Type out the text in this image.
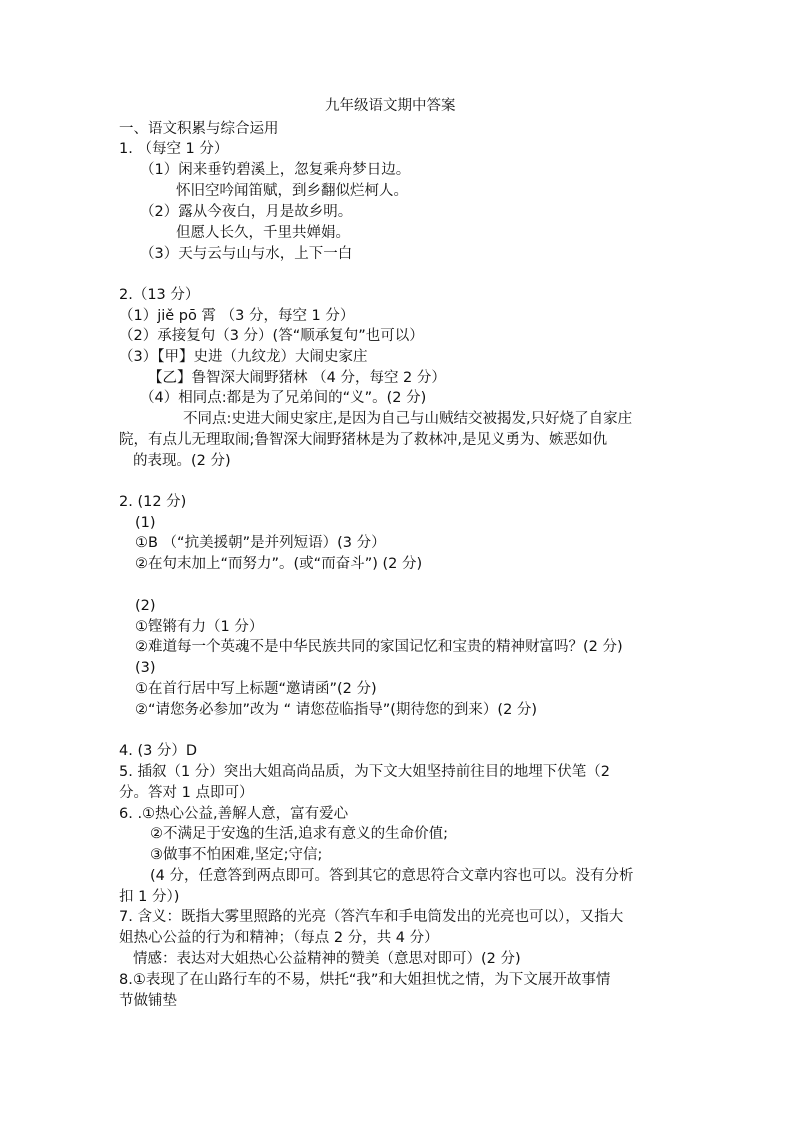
九年级语文期中答案
一、语文积累与综合运用
1. （每空 1 分）
（1）闲来垂钓碧溪上，忽复乘舟梦日边。
怀旧空吟闻笛赋，到乡翻似烂柯人。
（2）露从今夜白，月是故乡明。
但愿人长久，千里共婵娟。
（3）天与云与山与水，上下一白
2.（13 分）
（1）jiě pō 霄 （3 分，每空 1 分）
（2）承接复句（3 分）(答“顺承复句”也可以）
（3）【甲】史进（九纹龙）大闹史家庄
【乙】鲁智深大闹野猪林 （4 分，每空 2 分）
（4）相同点:都是为了兄弟间的“义”。(2 分)
不同点:史进大闹史家庄,是因为自己与山贼结交被揭发,只好烧了自家庄
院，有点儿无理取闹;鲁智深大闹野猪林是为了救林冲,是见义勇为、嫉恶如仇
的表现。(2 分)
2. (12 分)
(1)
①B （“抗美援朝”是并列短语）(3 分）
②在句末加上“而努力”。(或“而奋斗”) (2 分)
(2)
①铿锵有力（1 分）
②难道每一个英魂不是中华民族共同的家国记忆和宝贵的精神财富吗？(2 分)
(3)
①在首行居中写上标题“邀请函”(2 分)
②“请您务必参加”改为 “ 请您莅临指导”(期待您的到来）(2 分)
4. (3 分）D
5. 插叙（1 分）突出大姐高尚品质，为下文大姐坚持前往目的地埋下伏笔（2
分。答对 1 点即可）
6. .①热心公益,善解人意，富有爱心
②不满足于安逸的生活,追求有意义的生命价值;
③做事不怕困难,坚定;守信;
(4 分，任意答到两点即可。答到其它的意思符合文章内容也可以。没有分析
扣 1 分）)
7. 含义：既指大雾里照路的光亮（答汽车和手电筒发出的光亮也可以），又指大
姐热心公益的行为和精神；（每点 2 分，共 4 分）
情感：表达对大姐热心公益精神的赞美（意思对即可）(2 分)
8.①表现了在山路行车的不易，烘托“我”和大姐担忧之情，为下文展开故事情
节做铺垫
